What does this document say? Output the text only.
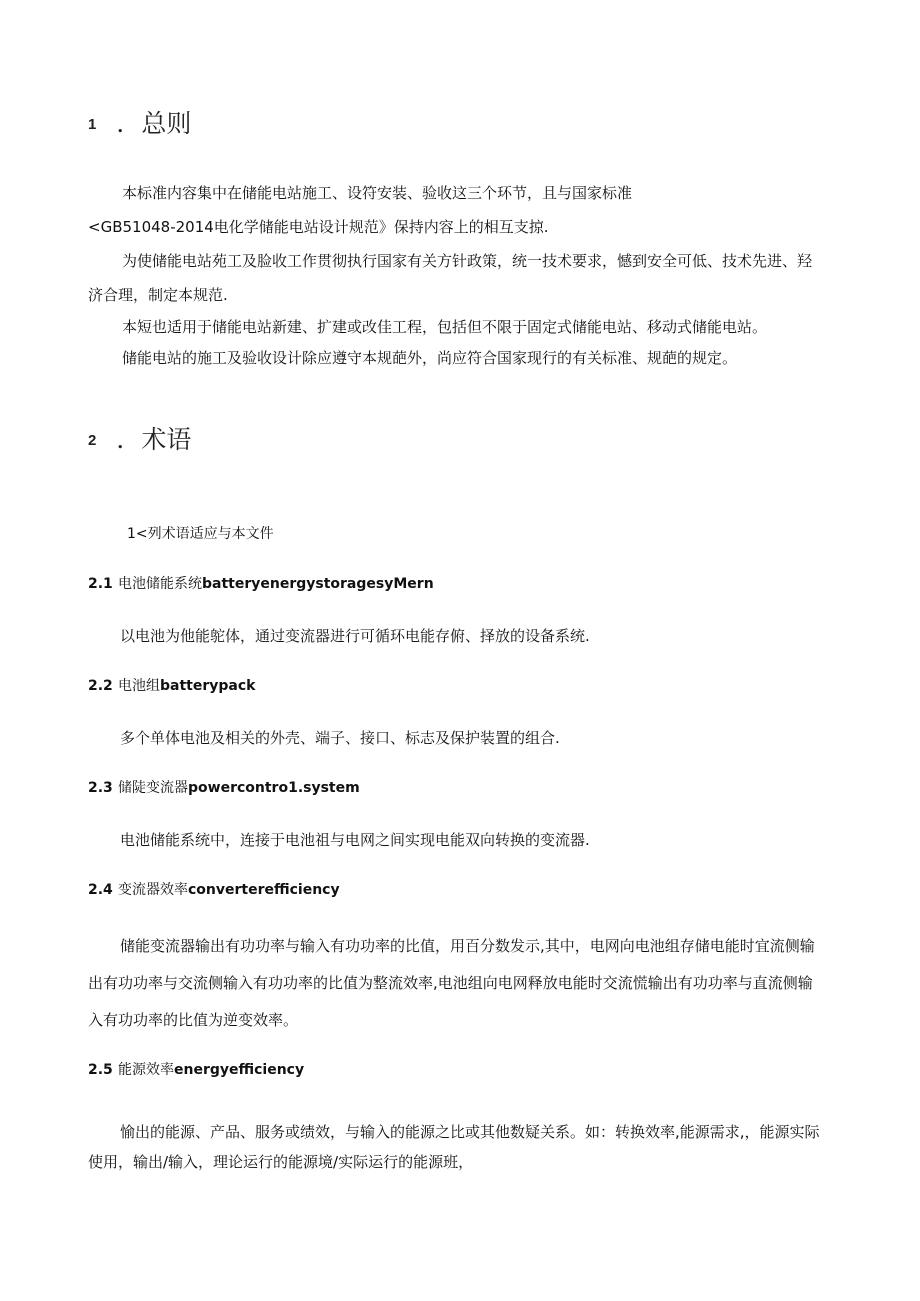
1 ．总则
本标准内容集中在储能电站施工、设符安装、验收这三个环节，且与国家标准
<GB51048-2014电化学储能电站设计规范》保持内容上的相互支掠.
为使储能电站苑工及脸收工作贯彻执行国家有关方针政策，统一技术要求，憾到安全可低、技术先进、羟
济合理，制定本规范.
本短也适用于储能电站新建、扩建或改佳工程，包括但不限于固定式储能电站、移动式储能电站。
储能电站的施工及验收设计除应遵守本规葩外，尚应符合国家现行的有关标准、规葩的规定。
2 ．术语
1<列术语适应与本文件
2.1 电池储能系统batteryenergystoragesyMern
以电池为他能鸵体，通过变流器进行可循环电能存俯、择放的设备系统.
2.2 电池组batterypack
多个单体电池及相关的外壳、端子、接口、标志及保护装置的组合.
2.3 储陡变流器powercontro1.system
电池储能系统中，连接于电池祖与电网之间实现电能双向转换的变流器.
2.4 变流器效率converterefficiency
储能变流器输出有功功率与输入有功功率的比值，用百分数发示,其中，电网向电池组存储电能时宜流侧输
出有功功率与交流侧输入有功功率的比值为整流效率,电池组向电网释放电能时交流慌输出有功功率与直流侧输
入有功功率的比值为逆变效率。
2.5 能源效率energyefficiency
愉出的能源、产品、服务或绩效，与输入的能源之比或其他数疑关系。如：转换效率,能源需求,，能源实际
使用，输出/输入，理论运行的能源境/实际运行的能源班，
